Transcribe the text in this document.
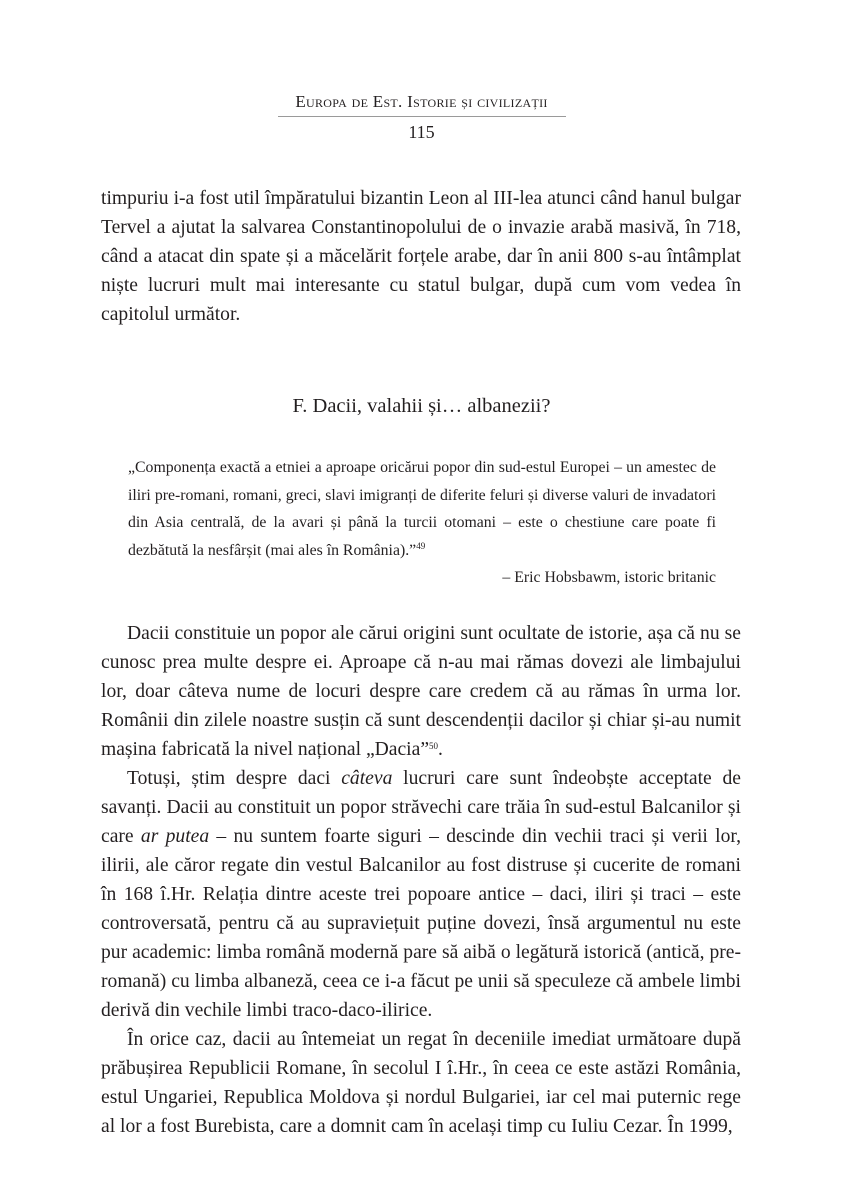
Europa de Est. Istorie și civilizații
115

timpuriu i-a fost util împăratului bizantin Leon al III-lea atunci când hanul bulgar Tervel a ajutat la salvarea Constantinopolului de o invazie arabă masivă, în 718, când a atacat din spate și a măcelărit forțele arabe, dar în anii 800 s-au întâmplat niște lucruri mult mai interesante cu statul bulgar, după cum vom vedea în capitolul următor.

F. Dacii, valahii și… albanezii?

„Componența exactă a etniei a aproape oricărui popor din sud-estul Europei – un amestec de iliri pre-romani, romani, greci, slavi imigranți de diferite feluri și diverse valuri de invadatori din Asia centrală, de la avari și până la turcii otomani – este o chestiune care poate fi dezbătută la nesfârșit (mai ales în România).”$^{49}$

– Eric Hobsbawm, istoric britanic

Dacii constituie un popor ale cărui origini sunt ocultate de istorie, așa că nu se cunosc prea multe despre ei. Aproape că n-au mai rămas dovezi ale limbajului lor, doar câteva nume de locuri despre care credem că au rămas în urma lor. Românii din zilele noastre susțin că sunt descendenții dacilor și chiar și-au numit mașina fabricată la nivel național „Dacia”$^{50}$.

Totuși, știm despre daci câteva lucruri care sunt îndeobște acceptate de savanți. Dacii au constituit un popor străvechi care trăia în sud-estul Balcanilor și care ar putea – nu suntem foarte siguri – descinde din vechii traci și verii lor, ilirii, ale căror regate din vestul Balcanilor au fost distruse și cucerite de romani în 168 î.Hr. Relația dintre aceste trei popoare antice – daci, iliri și traci – este controversată, pentru că au supraviețuit puține dovezi, însă argumentul nu este pur academic: limba română modernă pare să aibă o legătură istorică (antică, pre-romană) cu limba albaneză, ceea ce i-a făcut pe unii să speculeze că ambele limbi derivă din vechile limbi traco-daco-ilirice.

În orice caz, dacii au întemeiat un regat în deceniile imediat următoare după prăbușirea Republicii Romane, în secolul I î.Hr., în ceea ce este astăzi România, estul Ungariei, Republica Moldova și nordul Bulgariei, iar cel mai puternic rege al lor a fost Burebista, care a domnit cam în același timp cu Iuliu Cezar. În 1999,
